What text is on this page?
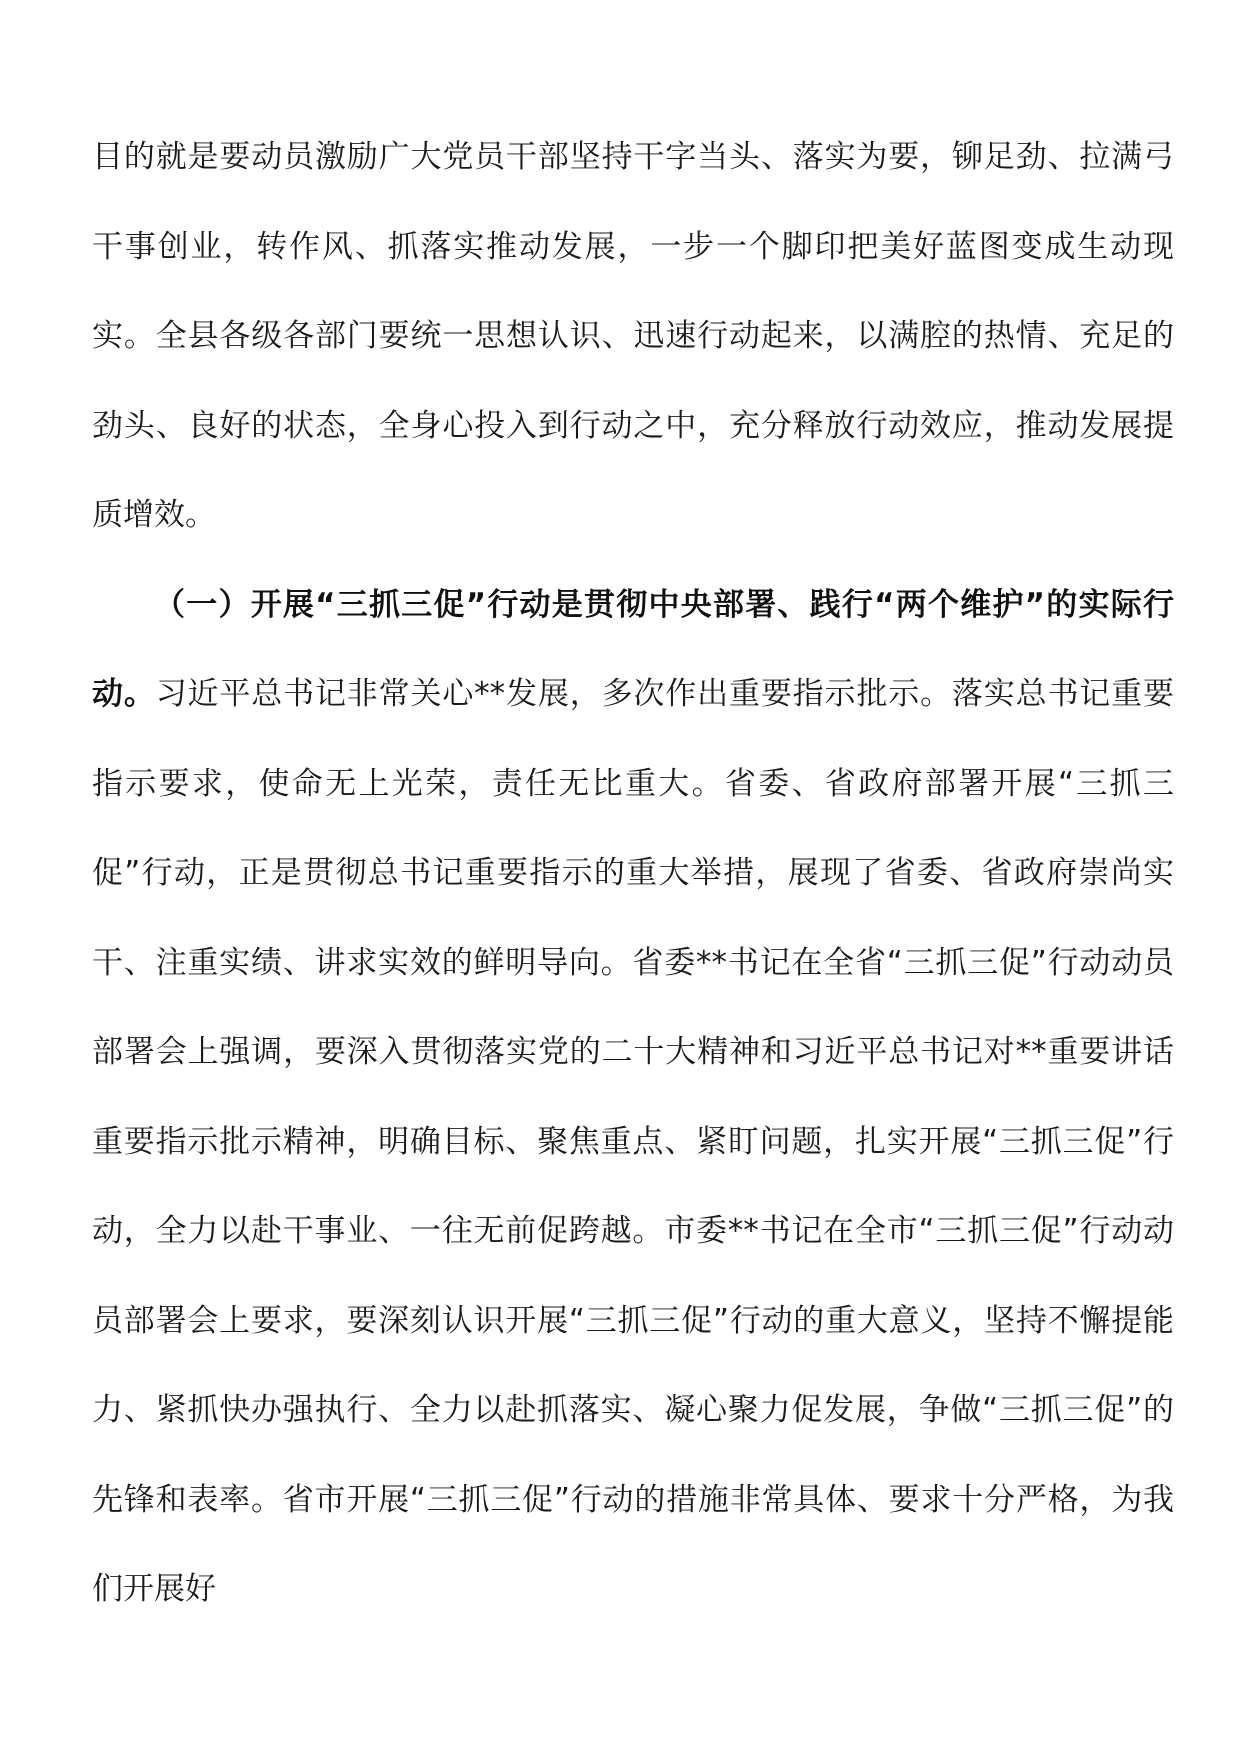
目的就是要动员激励广大党员干部坚持干字当头、落实为要，铆足劲、拉满弓干事创业，转作风、抓落实推动发展，一步一个脚印把美好蓝图变成生动现实。全县各级各部门要统一思想认识、迅速行动起来，以满腔的热情、充足的劲头、良好的状态，全身心投入到行动之中，充分释放行动效应，推动发展提质增效。

（一）开展“三抓三促”行动是贯彻中央部署、践行“两个维护”的实际行动。习近平总书记非常关心**发展，多次作出重要指示批示。落实总书记重要指示要求，使命无上光荣，责任无比重大。省委、省政府部署开展“三抓三促”行动，正是贯彻总书记重要指示的重大举措，展现了省委、省政府崇尚实干、注重实绩、讲求实效的鲜明导向。省委**书记在全省“三抓三促”行动动员部署会上强调，要深入贯彻落实党的二十大精神和习近平总书记对**重要讲话重要指示批示精神，明确目标、聚焦重点、紧盯问题，扎实开展“三抓三促”行动，全力以赴干事业、一往无前促跨越。市委**书记在全市“三抓三促”行动动员部署会上要求，要深刻认识开展“三抓三促”行动的重大意义，坚持不懈提能力、紧抓快办强执行、全力以赴抓落实、凝心聚力促发展，争做“三抓三促”的先锋和表率。省市开展“三抓三促”行动的措施非常具体、要求十分严格，为我们开展好
